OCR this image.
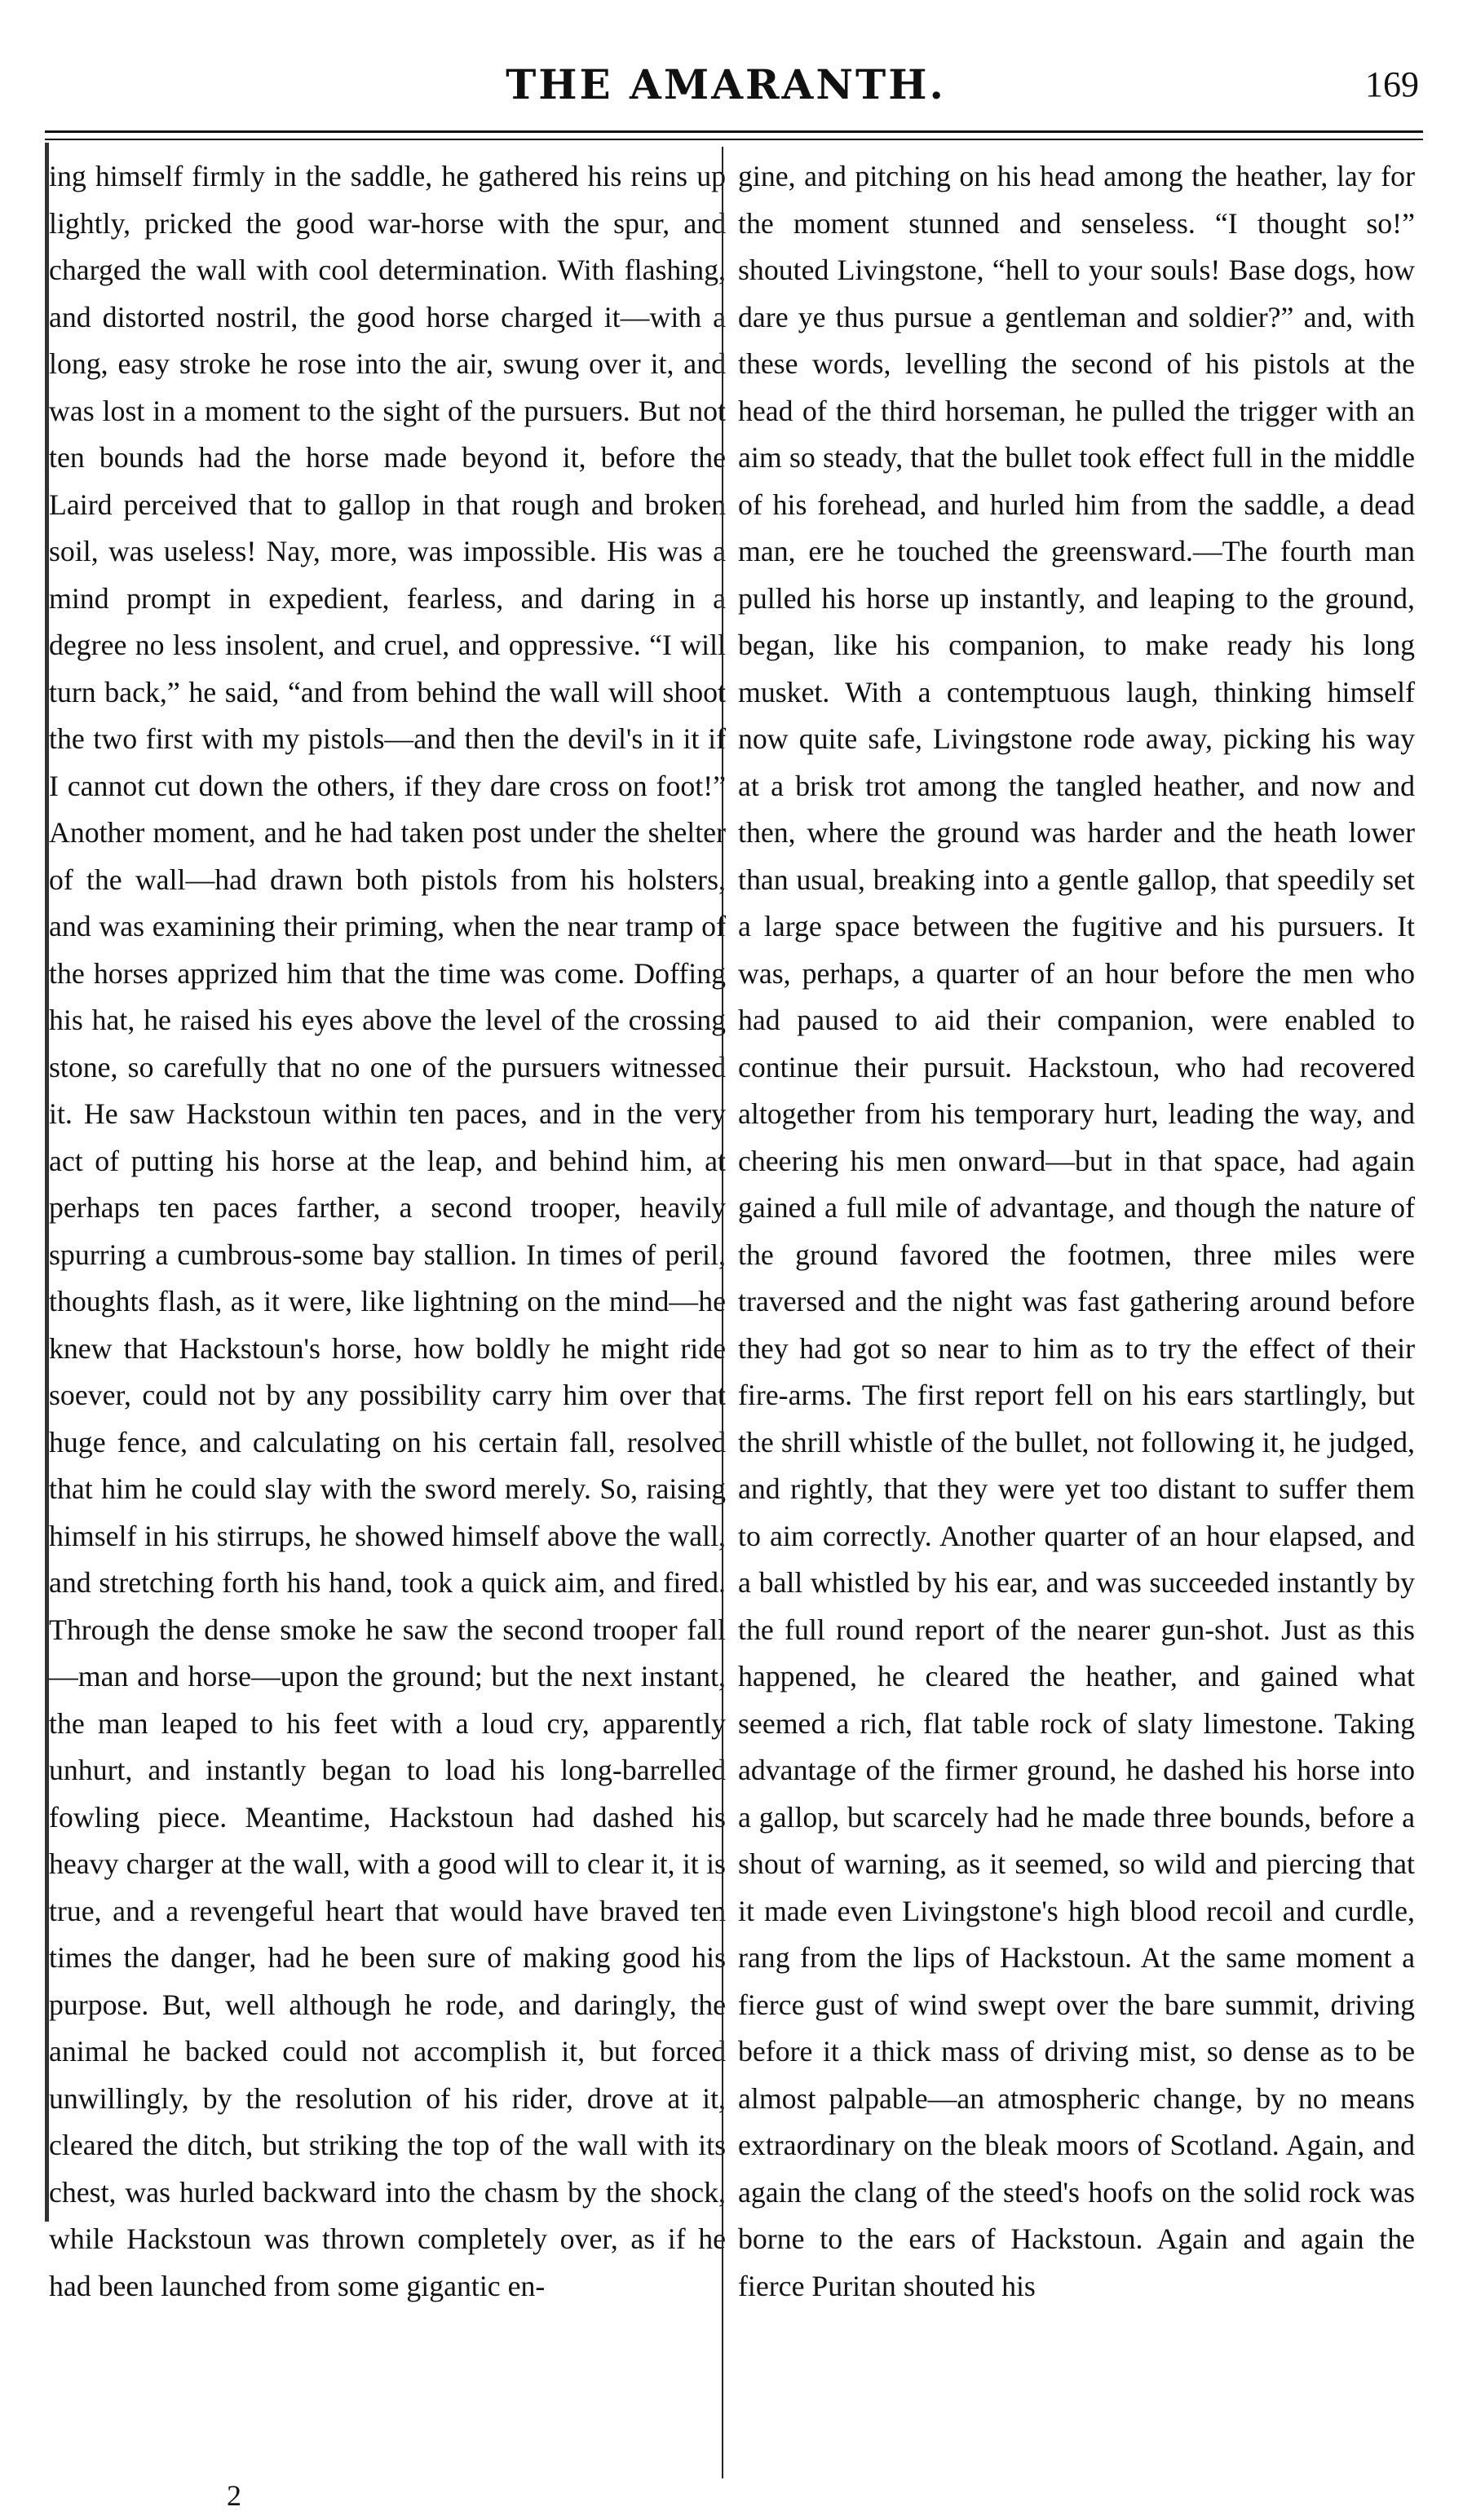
THE AMARANTH.	169

ing himself firmly in the saddle, he gathered his reins up lightly, pricked the good war-horse with the spur, and charged the wall with cool determination. With flashing, and distorted nostril, the good horse charged it—with a long, easy stroke he rose into the air, swung over it, and was lost in a moment to the sight of the pursuers. But not ten bounds had the horse made beyond it, before the Laird perceived that to gallop in that rough and broken soil, was useless! Nay, more, was impossible. His was a mind prompt in expedient, fearless, and daring in a degree no less insolent, and cruel, and oppressive. “I will turn back,” he said, “and from behind the wall will shoot the two first with my pistols—and then the devil's in it if I cannot cut down the others, if they dare cross on foot!” Another moment, and he had taken post under the shelter of the wall—had drawn both pistols from his holsters, and was examining their priming, when the near tramp of the horses apprized him that the time was come. Doffing his hat, he raised his eyes above the level of the crossing stone, so carefully that no one of the pursuers witnessed it. He saw Hackstoun within ten paces, and in the very act of putting his horse at the leap, and behind him, at perhaps ten paces farther, a second trooper, heavily spurring a cumbrous-some bay stallion. In times of peril, thoughts flash, as it were, like lightning on the mind—he knew that Hackstoun's horse, how boldly he might ride soever, could not by any possibility carry him over that huge fence, and calculating on his certain fall, resolved that him he could slay with the sword merely. So, raising himself in his stirrups, he showed himself above the wall, and stretching forth his hand, took a quick aim, and fired. Through the dense smoke he saw the second trooper fall—man and horse—upon the ground; but the next instant, the man leaped to his feet with a loud cry, apparently unhurt, and instantly began to load his long-barrelled fowling piece. Meantime, Hackstoun had dashed his heavy charger at the wall, with a good will to clear it, it is true, and a revengeful heart that would have braved ten times the danger, had he been sure of making good his purpose. But, well although he rode, and daringly, the animal he backed could not accomplish it, but forced unwillingly, by the resolution of his rider, drove at it, cleared the ditch, but striking the top of the wall with its chest, was hurled backward into the chasm by the shock, while Hackstoun was thrown completely over, as if he had been launched from some gigantic en-

gine, and pitching on his head among the heather, lay for the moment stunned and senseless. “I thought so!” shouted Livingstone, “hell to your souls! Base dogs, how dare ye thus pursue a gentleman and soldier?” and, with these words, levelling the second of his pistols at the head of the third horseman, he pulled the trigger with an aim so steady, that the bullet took effect full in the middle of his forehead, and hurled him from the saddle, a dead man, ere he touched the greensward.—The fourth man pulled his horse up instantly, and leaping to the ground, began, like his companion, to make ready his long musket. With a contemptuous laugh, thinking himself now quite safe, Livingstone rode away, picking his way at a brisk trot among the tangled heather, and now and then, where the ground was harder and the heath lower than usual, breaking into a gentle gallop, that speedily set a large space between the fugitive and his pursuers. It was, perhaps, a quarter of an hour before the men who had paused to aid their companion, were enabled to continue their pursuit. Hackstoun, who had recovered altogether from his temporary hurt, leading the way, and cheering his men onward—but in that space, had again gained a full mile of advantage, and though the nature of the ground favored the footmen, three miles were traversed and the night was fast gathering around before they had got so near to him as to try the effect of their fire-arms. The first report fell on his ears startlingly, but the shrill whistle of the bullet, not following it, he judged, and rightly, that they were yet too distant to suffer them to aim correctly. Another quarter of an hour elapsed, and a ball whistled by his ear, and was succeeded instantly by the full round report of the nearer gun-shot. Just as this happened, he cleared the heather, and gained what seemed a rich, flat table rock of slaty limestone. Taking advantage of the firmer ground, he dashed his horse into a gallop, but scarcely had he made three bounds, before a shout of warning, as it seemed, so wild and piercing that it made even Livingstone's high blood recoil and curdle, rang from the lips of Hackstoun. At the same moment a fierce gust of wind swept over the bare summit, driving before it a thick mass of driving mist, so dense as to be almost palpable—an atmospheric change, by no means extraordinary on the bleak moors of Scotland. Again, and again the clang of the steed's hoofs on the solid rock was borne to the ears of Hackstoun. Again and again the fierce Puritan shouted his

2
